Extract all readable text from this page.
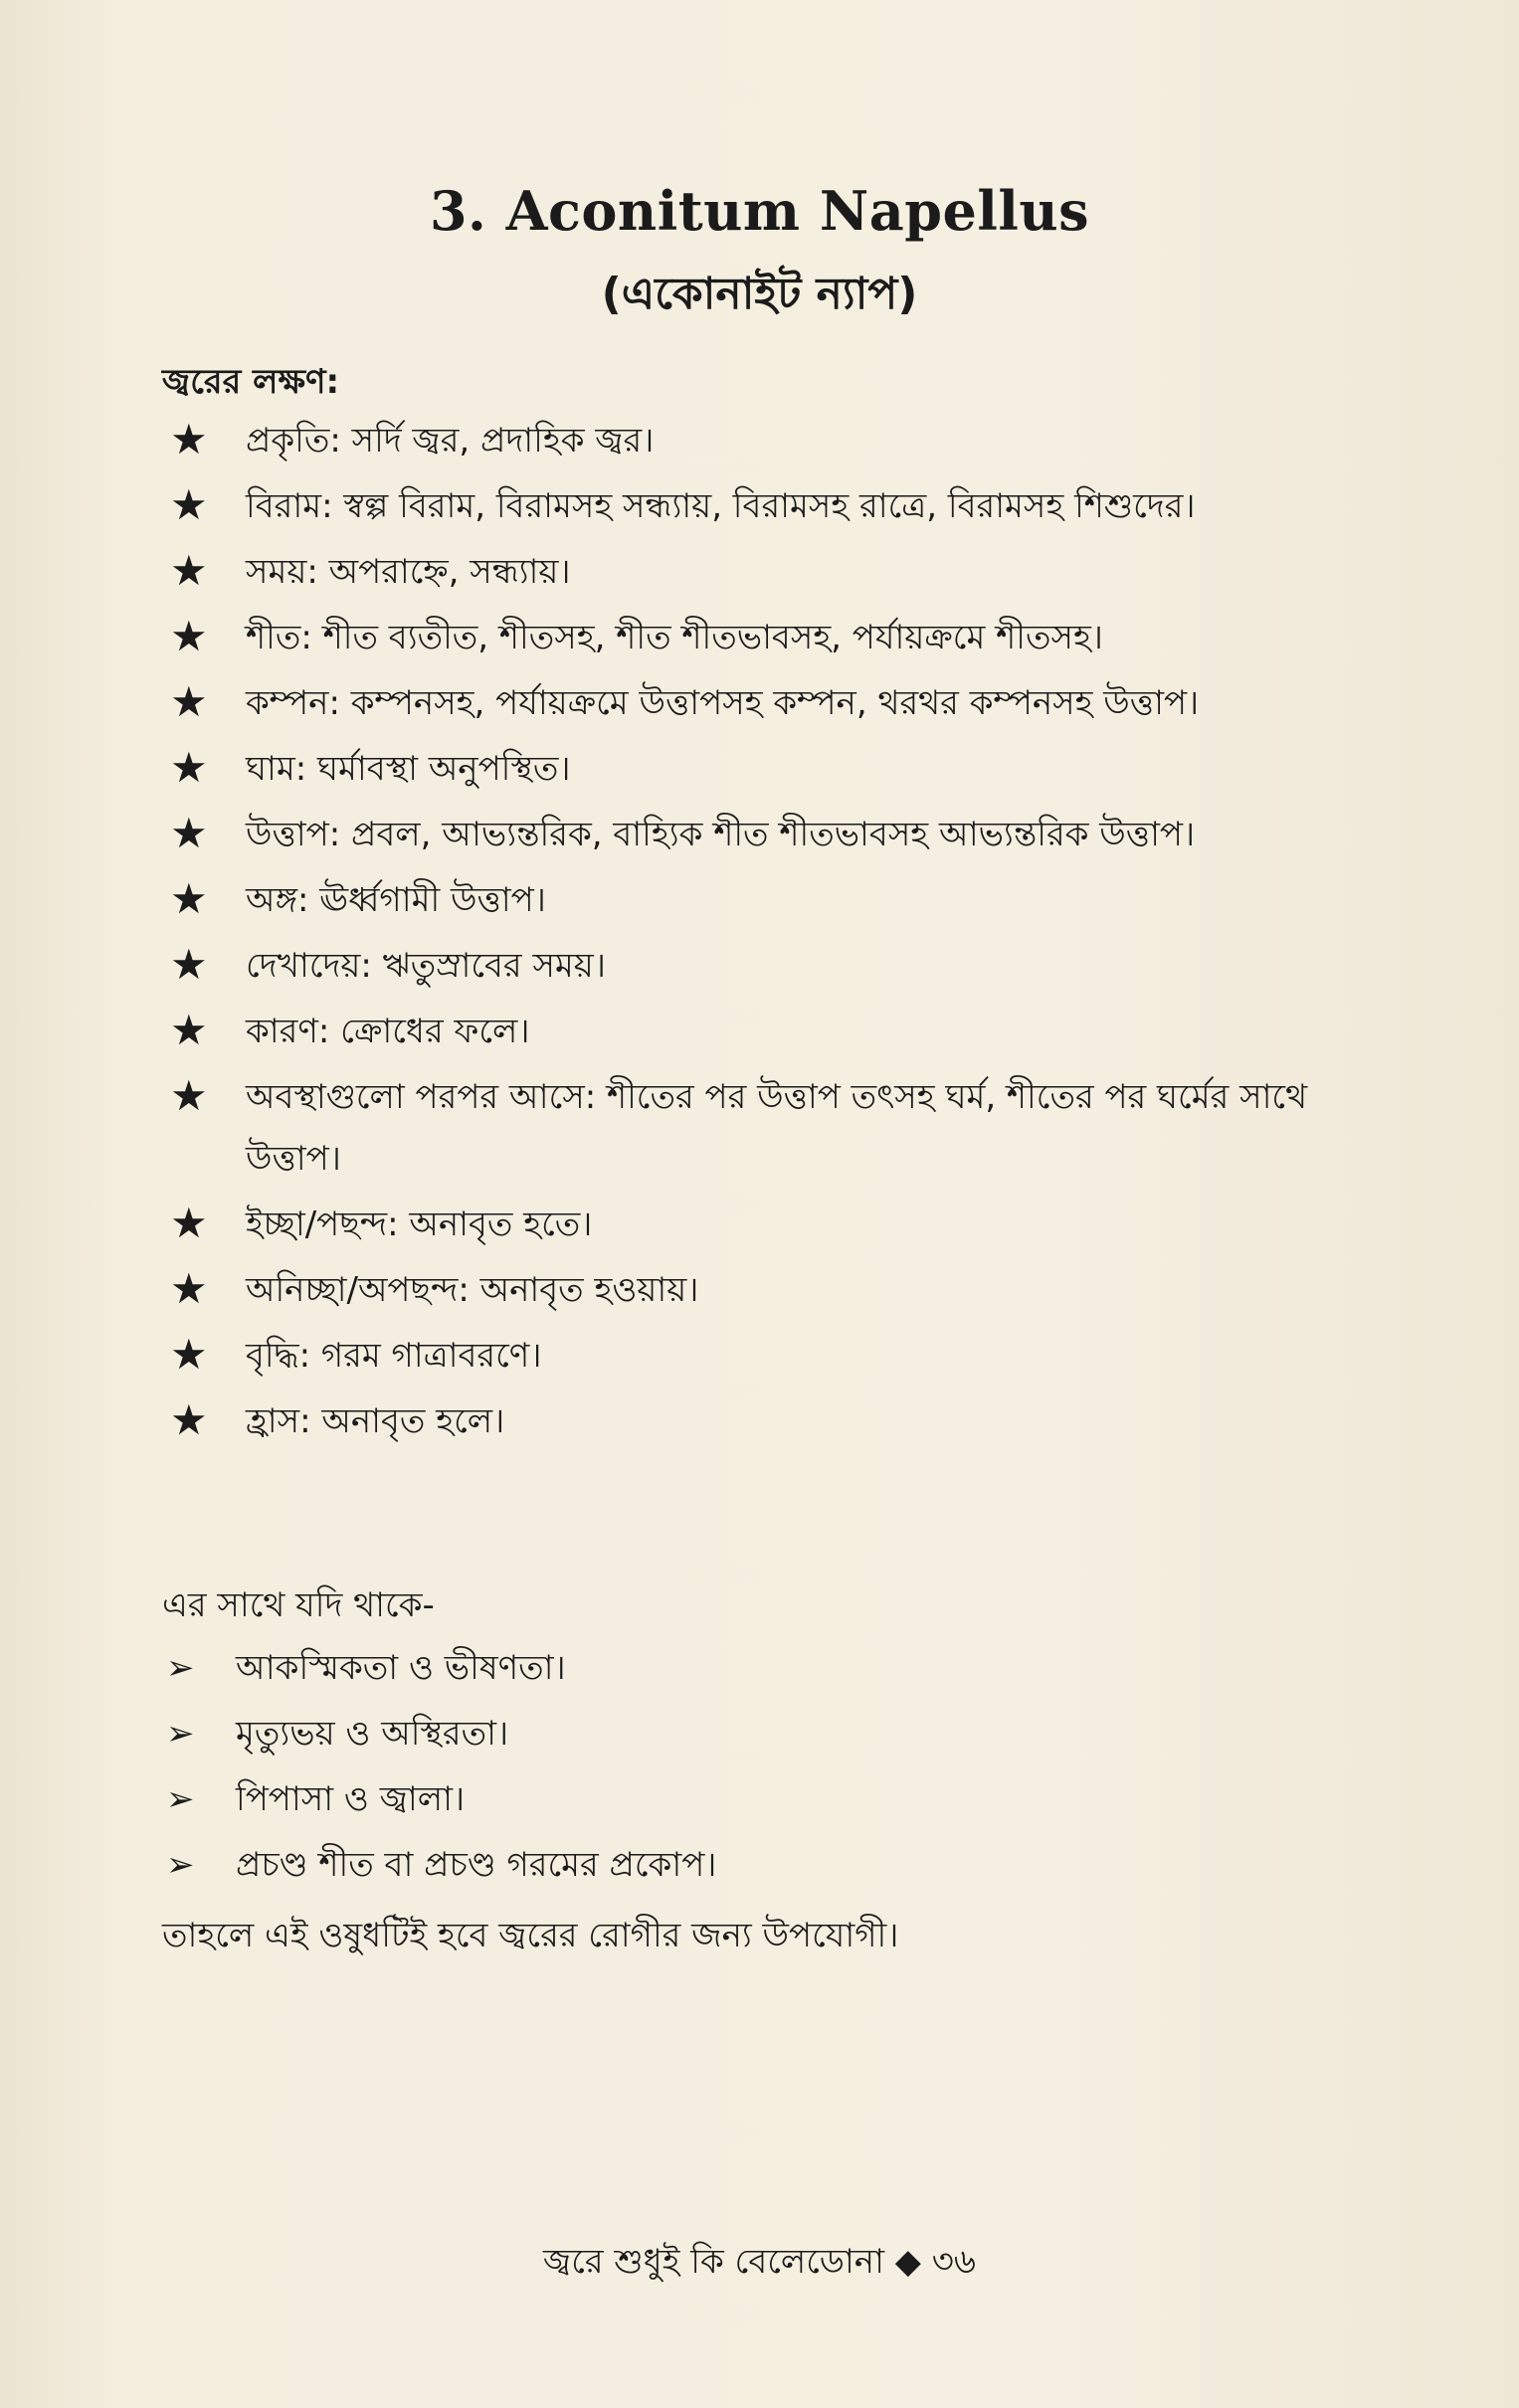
3. Aconitum Napellus
(একোনাইট ন্যাপ)
জ্বরের লক্ষণ:
★ প্রকৃতি: সর্দি জ্বর, প্রদাহিক জ্বর।
★ বিরাম: স্বল্প বিরাম, বিরামসহ সন্ধ্যায়, বিরামসহ রাত্রে, বিরামসহ শিশুদের।
★ সময়: অপরাহ্নে, সন্ধ্যায়।
★ শীত: শীত ব্যতীত, শীতসহ, শীত শীতভাবসহ, পর্যায়ক্রমে শীতসহ।
★ কম্পন: কম্পনসহ, পর্যায়ক্রমে উত্তাপসহ কম্পন, থরথর কম্পনসহ উত্তাপ।
★ ঘাম: ঘর্মাবস্থা অনুপস্থিত।
★ উত্তাপ: প্রবল, আভ্যন্তরিক, বাহ্যিক শীত শীতভাবসহ আভ্যন্তরিক উত্তাপ।
★ অঙ্গ: ঊর্ধ্বগামী উত্তাপ।
★ দেখাদেয়: ঋতুস্রাবের সময়।
★ কারণ: ক্রোধের ফলে।
★ অবস্থাগুলো পরপর আসে: শীতের পর উত্তাপ তৎসহ ঘর্ম, শীতের পর ঘর্মের সাথে উত্তাপ।
★ ইচ্ছা/পছন্দ: অনাবৃত হতে।
★ অনিচ্ছা/অপছন্দ: অনাবৃত হওয়ায়।
★ বৃদ্ধি: গরম গাত্রাবরণে।
★ হ্রাস: অনাবৃত হলে।
এর সাথে যদি থাকে-
➢ আকস্মিকতা ও ভীষণতা।
➢ মৃত্যুভয় ও অস্থিরতা।
➢ পিপাসা ও জ্বালা।
➢ প্রচণ্ড শীত বা প্রচণ্ড গরমের প্রকোপ।
তাহলে এই ওষুধটিই হবে জ্বরের রোগীর জন্য উপযোগী।
জ্বরে শুধুই কি বেলেডোনা ◆ ৩৬
